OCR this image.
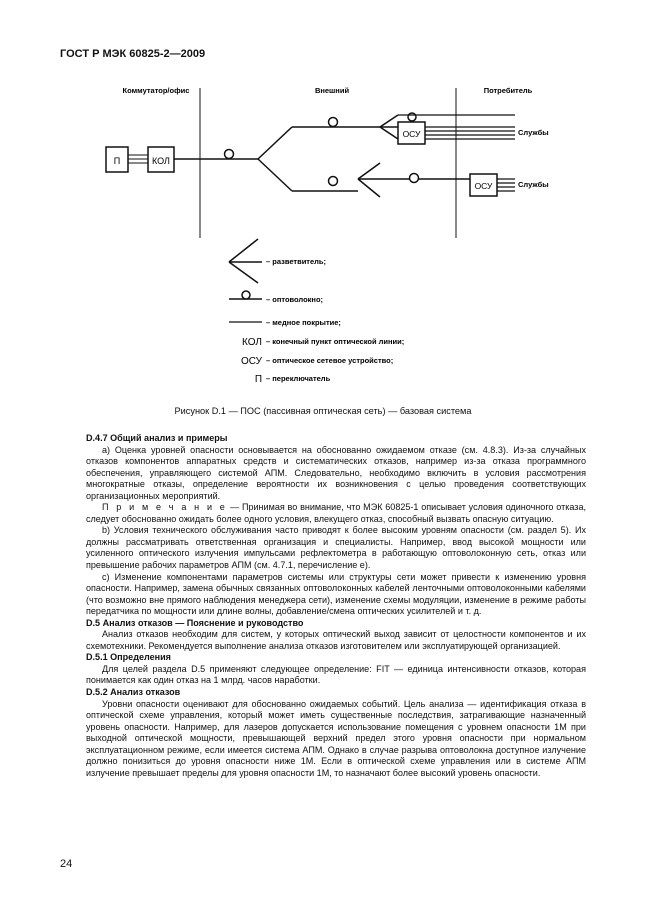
ГОСТ Р МЭК 60825-2—2009
Коммутатор/офис	Внешний	Потребитель
П	КОЛ
ОСУ	Службы
ОСУ	Службы
– разветвитель;
– оптоволокно;
– медное покрытие;
КОЛ – конечный пункт оптической линии;
ОСУ – оптическое сетевое устройство;
П – переключатель
Рисунок D.1 — ПОС (пассивная оптическая сеть) — базовая система

D.4.7 Общий анализ и примеры

а) Оценка уровней опасности основывается на обоснованно ожидаемом отказе (см. 4.8.3). Из-за случайных отказов компонентов аппаратных средств и систематических отказов, например из-за отказа программного обеспечения, управляющего системой АПМ. Следовательно, необходимо включить в условия рассмотрения многократные отказы, определение вероятности их возникновения с целью проведения соответствующих организационных мероприятий.

П р и м е ч а н и е — Принимая во внимание, что МЭК 60825-1 описывает условия одиночного отказа, следует обоснованно ожидать более одного условия, влекущего отказ, способный вызвать опасную ситуацию.

b) Условия технического обслуживания часто приводят к более высоким уровням опасности (см. раздел 5). Их должны рассматривать ответственная организация и специалисты. Например, ввод высокой мощности или усиленного оптического излучения импульсами рефлектометра в работающую оптоволоконную сеть, отказ или превышение рабочих параметров АПМ (см. 4.7.1, перечисление е).

c) Изменение компонентами параметров системы или структуры сети может привести к изменению уровня опасности. Например, замена обычных связанных оптоволоконных кабелей ленточными оптоволоконными кабелями (что возможно вне прямого наблюдения менеджера сети), изменение схемы модуляции, изменение в режиме работы передатчика по мощности или длине волны, добавление/смена оптических усилителей и т. д.

D.5 Анализ отказов — Пояснение и руководство

Анализ отказов необходим для систем, у которых оптический выход зависит от целостности компонентов и их схемотехники. Рекомендуется выполнение анализа отказов изготовителем или эксплуатирующей организацией.

D.5.1 Определения

Для целей раздела D.5 применяют следующее определение: FIT — единица интенсивности отказов, которая понимается как один отказ на 1 млрд. часов наработки.

D.5.2 Анализ отказов

Уровни опасности оценивают для обоснованно ожидаемых событий. Цель анализа — идентификация отказа в оптической схеме управления, который может иметь существенные последствия, затрагивающие назначенный уровень опасности. Например, для лазеров допускается использование помещения с уровнем опасности 1М при выходной оптической мощности, превышающей верхний предел этого уровня опасности при нормальном эксплуатационном режиме, если имеется система АПМ. Однако в случае разрыва оптоволокна доступное излучение должно понизиться до уровня опасности ниже 1М. Если в оптической схеме управления или в системе АПМ излучение превышает пределы для уровня опасности 1М, то назначают более высокий уровень опасности.

24
